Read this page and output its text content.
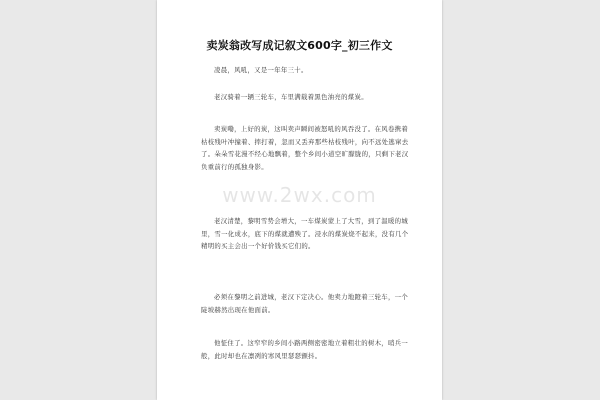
卖炭翁改写成记叙文600字_初三作文

凌晨，风吼，又是一年年三十。

老汉骑着一辆三轮车，车里满载着黑色油亮的煤炭。

卖炭嘞，上好的炭，这叫卖声瞬间被怒吼的风吞没了。在风卷携着枯枝残叶冲撞着、摔打着，忽而又丢弃那些枯枝残叶，向不远处逃窜去了。朵朵雪花漫不经心地飘着，整个乡间小道空旷朦胧的，只剩下老汉负重前行的孤独身影。

老汉清楚，黎明雪势会增大，一车煤炭蒙上了大雪，到了温暖的城里，雪一化成水，底下的煤就遭殃了。浸水的煤炭烧不起来，没有几个精明的买主会出一个好价钱买它们的。

必须在黎明之前进城，老汉下定决心。他卖力地蹬着三轮车，一个陡坡赫然出现在他面前。

他怔住了。这窄窄的乡间小路两侧密密地立着粗壮的树木，哨兵一般，此时却也在凛冽的寒风里瑟瑟颤抖。

www.2wx.com
